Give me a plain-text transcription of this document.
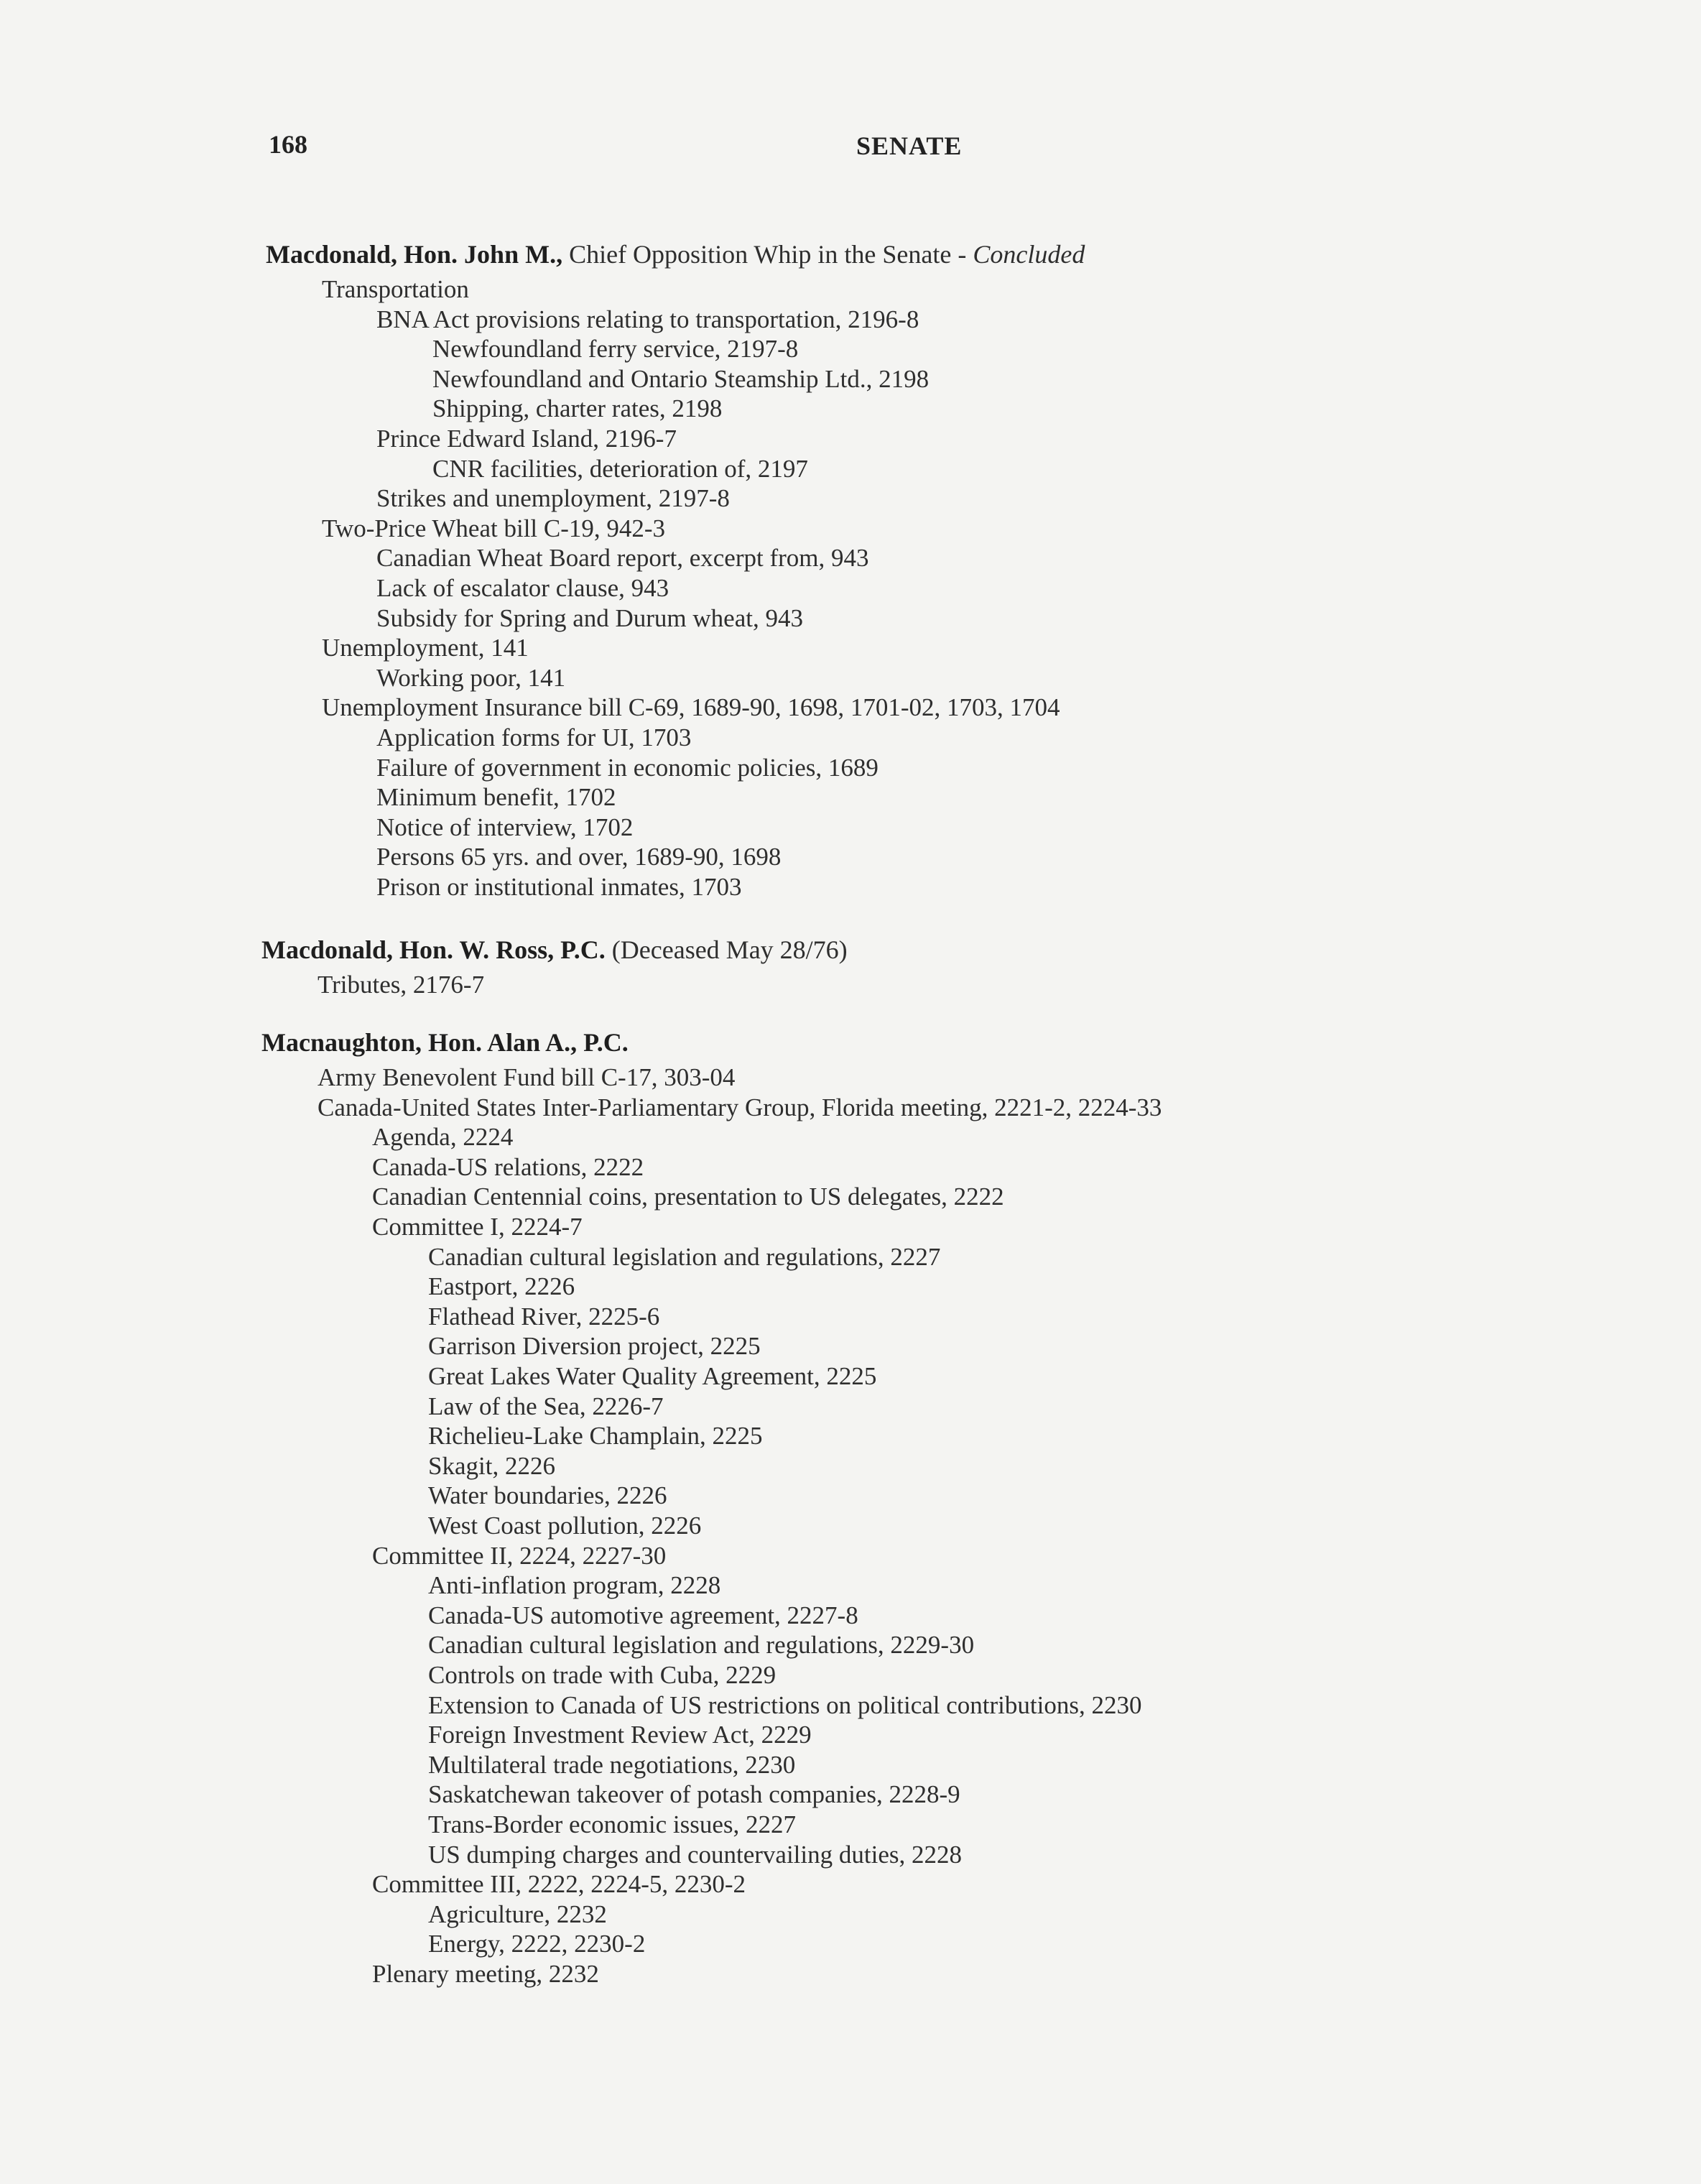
168	SENATE
Macdonald, Hon. John M., Chief Opposition Whip in the Senate - Concluded
Transportation
BNA Act provisions relating to transportation, 2196-8
Newfoundland ferry service, 2197-8
Newfoundland and Ontario Steamship Ltd., 2198
Shipping, charter rates, 2198
Prince Edward Island, 2196-7
CNR facilities, deterioration of, 2197
Strikes and unemployment, 2197-8
Two-Price Wheat bill C-19, 942-3
Canadian Wheat Board report, excerpt from, 943
Lack of escalator clause, 943
Subsidy for Spring and Durum wheat, 943
Unemployment, 141
Working poor, 141
Unemployment Insurance bill C-69, 1689-90, 1698, 1701-02, 1703, 1704
Application forms for UI, 1703
Failure of government in economic policies, 1689
Minimum benefit, 1702
Notice of interview, 1702
Persons 65 yrs. and over, 1689-90, 1698
Prison or institutional inmates, 1703
Macdonald, Hon. W. Ross, P.C. (Deceased May 28/76)
Tributes, 2176-7
Macnaughton, Hon. Alan A., P.C.
Army Benevolent Fund bill C-17, 303-04
Canada-United States Inter-Parliamentary Group, Florida meeting, 2221-2, 2224-33
Agenda, 2224
Canada-US relations, 2222
Canadian Centennial coins, presentation to US delegates, 2222
Committee I, 2224-7
Canadian cultural legislation and regulations, 2227
Eastport, 2226
Flathead River, 2225-6
Garrison Diversion project, 2225
Great Lakes Water Quality Agreement, 2225
Law of the Sea, 2226-7
Richelieu-Lake Champlain, 2225
Skagit, 2226
Water boundaries, 2226
West Coast pollution, 2226
Committee II, 2224, 2227-30
Anti-inflation program, 2228
Canada-US automotive agreement, 2227-8
Canadian cultural legislation and regulations, 2229-30
Controls on trade with Cuba, 2229
Extension to Canada of US restrictions on political contributions, 2230
Foreign Investment Review Act, 2229
Multilateral trade negotiations, 2230
Saskatchewan takeover of potash companies, 2228-9
Trans-Border economic issues, 2227
US dumping charges and countervailing duties, 2228
Committee III, 2222, 2224-5, 2230-2
Agriculture, 2232
Energy, 2222, 2230-2
Plenary meeting, 2232
